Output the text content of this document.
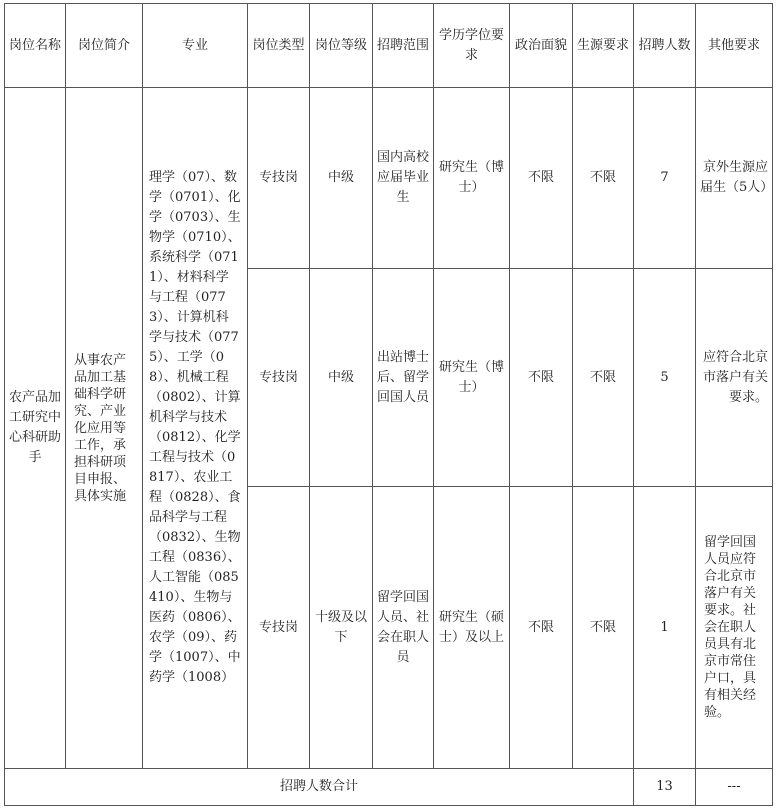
岗位名称	岗位简介	专业	岗位类型	岗位等级	招聘范围	学历学位要求	政治面貌	生源要求	招聘人数	其他要求
农产品加工研究中心科研助手	从事农产品加工基础科学研究、产业化应用等工作，承担科研项目申报、具体实施	理学（07）、数学（0701）、化学（0703）、生物学（0710）、系统科学（0711）、材料科学与工程（0773）、计算机科学与技术（0775）、工学（08）、机械工程（0802）、计算机科学与技术（0812）、化学工程与技术（0817）、农业工程（0828）、食品科学与工程（0832）、生物工程（0836）、人工智能（085410）、生物与医药（0806）、农学（09）、药学（1007）、中药学（1008）	专技岗	中级	国内高校应届毕业生	研究生（博士）	不限	不限	7	京外生源应届生（5人）
			专技岗	中级	出站博士后、留学回国人员	研究生（博士）	不限	不限	5	应符合北京市落户有关要求。
			专技岗	十级及以下	留学回国人员、社会在职人员	研究生（硕士）及以上	不限	不限	1	留学回国人员应符合北京市落户有关要求。社会在职人员具有北京市常住户口，具有相关经验。
招聘人数合计									13	---
